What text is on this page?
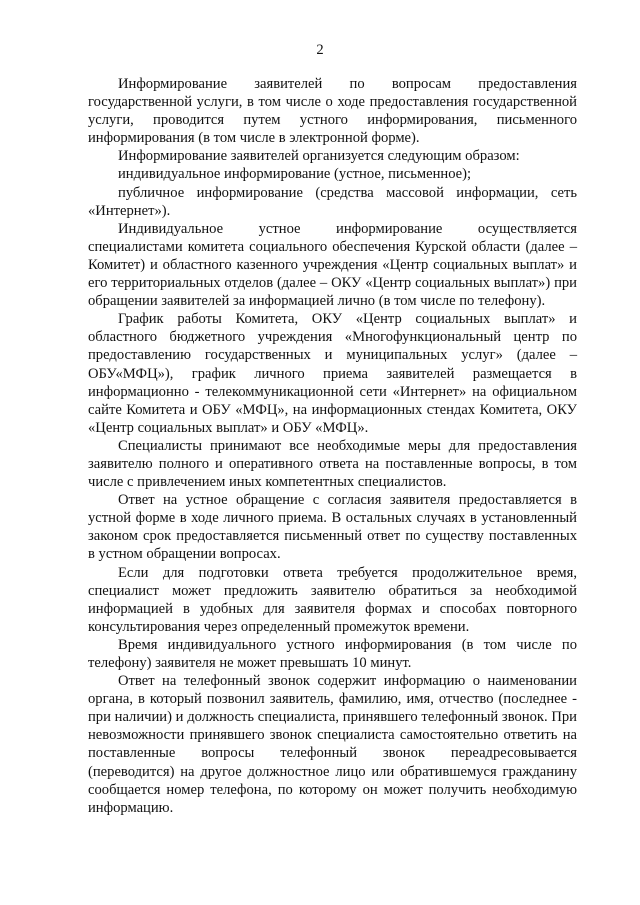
2

Информирование заявителей по вопросам предоставления государственной услуги, в том числе о ходе предоставления государственной услуги, проводится путем устного информирования, письменного информирования (в том числе в электронной форме).

Информирование заявителей организуется следующим образом:

индивидуальное информирование (устное, письменное);

публичное информирование (средства массовой информации, сеть «Интернет»).

Индивидуальное устное информирование осуществляется специалистами комитета социального обеспечения Курской области (далее – Комитет) и областного казенного учреждения «Центр социальных выплат» и его территориальных отделов (далее – ОКУ «Центр социальных выплат») при обращении заявителей за информацией лично (в том числе по телефону).

График работы Комитета, ОКУ «Центр социальных выплат» и областного бюджетного учреждения «Многофункциональный центр по предоставлению государственных и муниципальных услуг» (далее – ОБУ«МФЦ»), график личного приема заявителей размещается в информационно - телекоммуникационной сети «Интернет» на официальном сайте Комитета и ОБУ «МФЦ», на информационных стендах Комитета, ОКУ «Центр социальных выплат» и ОБУ «МФЦ».

Специалисты принимают все необходимые меры для предоставления заявителю полного и оперативного ответа на поставленные вопросы, в том числе с привлечением иных компетентных специалистов.

Ответ на устное обращение с согласия заявителя предоставляется в устной форме в ходе личного приема. В остальных случаях в установленный законом срок предоставляется письменный ответ по существу поставленных в устном обращении вопросах.

Если для подготовки ответа требуется продолжительное время, специалист может предложить заявителю обратиться за необходимой информацией в удобных для заявителя формах и способах повторного консультирования через определенный промежуток времени.

Время индивидуального устного информирования (в том числе по телефону) заявителя не может превышать 10 минут.

Ответ на телефонный звонок содержит информацию о наименовании органа, в который позвонил заявитель, фамилию, имя, отчество (последнее - при наличии) и должность специалиста, принявшего телефонный звонок. При невозможности принявшего звонок специалиста самостоятельно ответить на поставленные вопросы телефонный звонок переадресовывается (переводится) на другое должностное лицо или обратившемуся гражданину сообщается номер телефона, по которому он может получить необходимую информацию.
